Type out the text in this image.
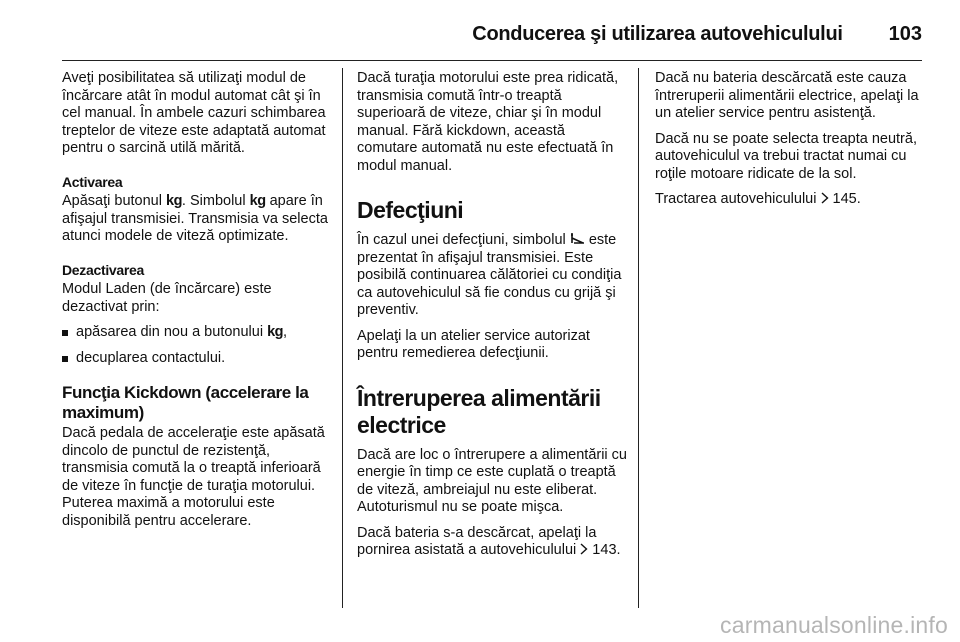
Conducerea şi utilizarea autovehiculului 103

Aveţi posibilitatea să utilizaţi modul de încărcare atât în modul automat cât şi în cel manual. În ambele cazuri schimbarea treptelor de viteze este adaptată automat pentru o sarcină utilă mărită.

Activarea

Apăsaţi butonul kg. Simbolul kg apare în afişajul transmisiei. Transmisia va selecta atunci modele de viteză optimizate.

Dezactivarea

Modul Laden (de încărcare) este dezactivat prin:

apăsarea din nou a butonului kg,
decuplarea contactului.
Funcţia Kickdown (accelerare la maximum)

Dacă pedala de acceleraţie este apăsată dincolo de punctul de rezistenţă, transmisia comută la o treaptă inferioară de viteze în funcţie de turaţia motorului. Puterea maximă a motorului este disponibilă pentru accelerare.

Dacă turaţia motorului este prea ridicată, transmisia comută într-o treaptă superioară de viteze, chiar şi în modul manual. Fără kickdown, această comutare automată nu este efectuată în modul manual.

Defecţiuni

În cazul unei defecţiuni, simbolul  este prezentat în afişajul transmisiei. Este posibilă continuarea călătoriei cu condiţia ca autovehiculul să fie condus cu grijă şi preventiv.

Apelaţi la un atelier service autorizat pentru remedierea defecţiunii.

Întreruperea alimentării electrice

Dacă are loc o întrerupere a alimentării cu energie în timp ce este cuplată o treaptă de viteză, ambreiajul nu este eliberat. Autoturismul nu se poate mişca.

Dacă bateria s-a descărcat, apelaţi la pornirea asistată a autovehiculului  143.

Dacă nu bateria descărcată este cauza întreruperii alimentării electrice, apelaţi la un atelier service pentru asistenţă.

Dacă nu se poate selecta treapta neutră, autovehiculul va trebui tractat numai cu roţile motoare ridicate de la sol.

Tractarea autovehiculului  145.

carmanualsonline.info
